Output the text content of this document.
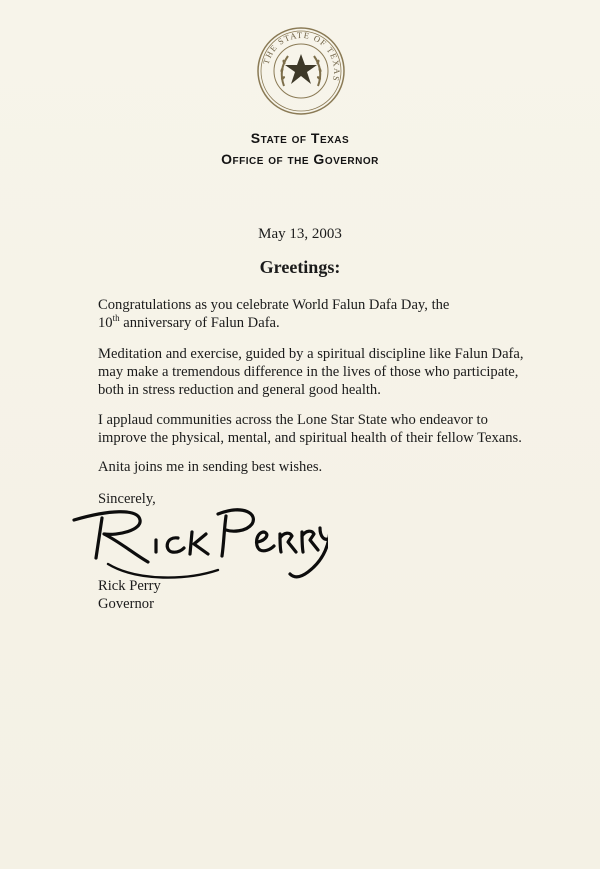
THE STATE OF TEXAS
State of Texas
Office of the Governor
May 13, 2003
Greetings:
Congratulations as you celebrate World Falun Dafa Day, the
10th anniversary of Falun Dafa.
Meditation and exercise, guided by a spiritual discipline like Falun Dafa, may make a tremendous difference in the lives of those who participate, both in stress reduction and general good health.
I applaud communities across the Lone Star State who endeavor to improve the physical, mental, and spiritual health of their fellow Texans.
Anita joins me in sending best wishes.
Sincerely,
Rick Perry
Governor
